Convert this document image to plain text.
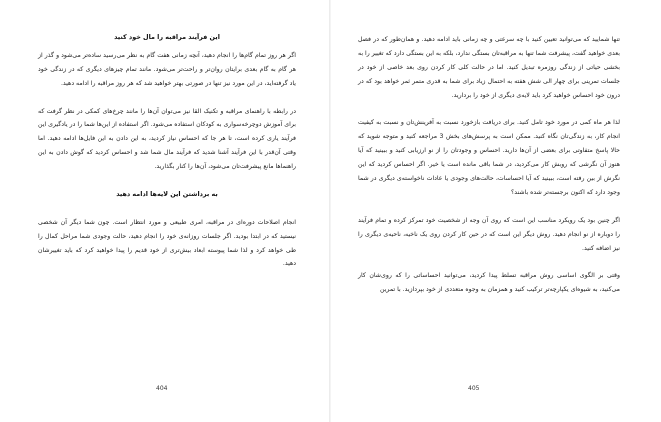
این فرآیند مراقبه را مال خود کنید

اگر هر روز تمام گام‌ها را انجام دهید، آنچه زمانی هفت گام به نظر می‌رسید ساده‌تر می‌شود و گذر از هر گام به گام بعدی برایتان روان‌تر و راحت‌تر می‌شود. مانند تمام چیزهای دیگری که در زندگی خود یاد گرفته‌اید، در این مورد نیز تنها در صورتی بهتر خواهید شد که هر روز مراقبه را ادامه دهید.

در رابطه با راهنمای مراقبه و تکنیک القا نیز می‌توان آن‌ها را مانند چرخ‌های کمکی در نظر گرفت که برای آموزش دوچرخه‌سواری به کودکان استفاده می‌شود. اگر استفاده از این‌ها شما را در یادگیری این فرآیند یاری کرده است، تا هر جا که احساس نیاز کردید، به این دادن به این فایل‌ها ادامه دهید. اما وقتی آن‌قدر با این فرآیند آشنا شدید که فرآیند مال شما شد و احساس کردید که گوش دادن به این راهنماها مانع پیشرفت‌تان می‌شود، آن‌ها را کنار بگذارید.

به برداشتن این لایه‌ها ادامه دهید

انجام اصلاحات دوره‌ای در مراقبه، امری طبیعی و مورد انتظار است. چون شما دیگر آن شخصی نیستید که در ابتدا بودید. اگر جلسات روزانه‌ی خود را انجام دهید، حالت وجودی شما مراحل کمال را طی خواهد کرد و لذا شما پیوسته ابعاد بیش‌تری از خود قدیم را پیدا خواهید کرد که باید تغییرشان دهید.

404

تنها شمایید که می‌توانید تعیین کنید با چه سرعتی و چه زمانی باید ادامه دهید. و همان‌طور که در فصل بعدی خواهید گفت، پیشرفت شما تنها به مراقبه‌تان بستگی ندارد، بلکه به این بستگی دارد که تغییر را به بخشی حیاتی از زندگی روزمره تبدیل کنید. اما در حالت کلی کار کردن روی بعد خاصی از خود در جلسات تمرینی برای چهار الی شش هفته به احتمال زیاد برای شما به قدری متمر ثمر خواهد بود که در درون خود احساس خواهید کرد باید لایه‌ی دیگری از خود را بردارید.

لذا هر ماه کمی در مورد خود تامل کنید. برای دریافت بازخورد نسبت به آفرینش‌تان و نسبت به کیفیت انجام کار، به زندگی‌تان نگاه کنید. ممکن است به پرسش‌های بخش 3 مراجعه کنید و متوجه شوید که حالا پاسخ متفاوتی برای بعضی از آن‌ها دارید. احساس و وجودتان را از نو ارزیابی کنید و ببینید که آیا هنوز آن نگرشی که روبش کار می‌کردید، در شما باقی مانده است یا خیر. اگر احساس کردید که این نگرش از بین رفته است، ببینید که آیا احساسات، حالت‌های وجودی یا عادات ناخواسته‌ی دیگری در شما وجود دارد که اکنون برجسته‌تر شده باشند؟

اگر چنین بود یک رویکرد مناسب این است که روی آن وجه از شخصیت خود تمرکز کرده و تمام فرآیند را دوباره از نو انجام دهید. روش دیگر این است که در حین کار کردن روی یک ناخیه، ناحیه‌ی دیگری را نیز اضافه کنید.

وقتی بر الگوی اساسی روش مراقبه تسلط پیدا کردید، می‌توانید احساساتی را که روی‌شان کار می‌کنید، به شیوه‌ای یکپارچه‌تر ترکیب کنید و همزمان به وجوه متعددی از خود بپردازید. با تمرین

405
